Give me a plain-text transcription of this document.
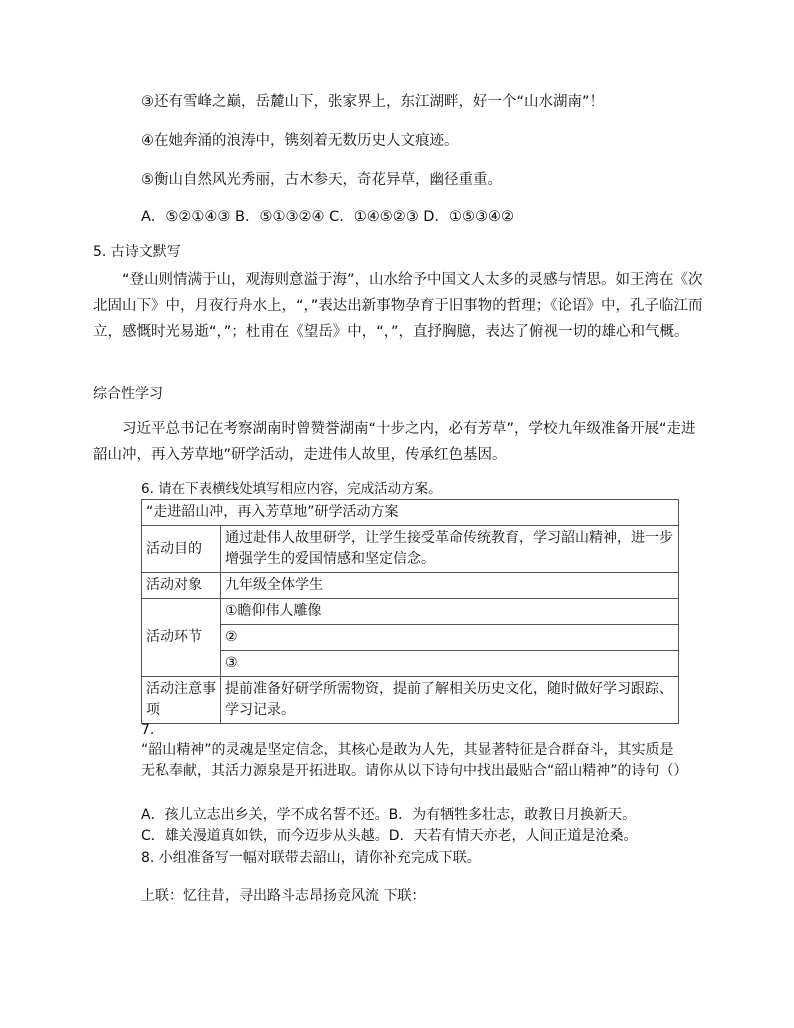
③还有雪峰之巅，岳麓山下，张家界上，东江湖畔，好一个“山水湖南”！
④在她奔涌的浪涛中，镌刻着无数历史人文痕迹。
⑤衡山自然风光秀丽，古木参天，奇花异草，幽径重重。
A．⑤②①④③ B．⑤①③②④ C．①④⑤②③ D．①⑤③④②
5. 古诗文默写
“登山则情满于山，观海则意溢于海”，山水给予中国文人太多的灵感与情思。如王湾在《次北固山下》中，月夜行舟水上，“，”表达出新事物孕育于旧事物的哲理；《论语》中，孔子临江而立，感慨时光易逝“，”；杜甫在《望岳》中，“，”，直抒胸臆，表达了俯视一切的雄心和气概。
综合性学习
习近平总书记在考察湖南时曾赞誉湖南“十步之内，必有芳草”，学校九年级准备开展“走进韶山冲，再入芳草地”研学活动，走进伟人故里，传承红色基因。
6. 请在下表横线处填写相应内容，完成活动方案。
“走进韶山冲，再入芳草地”研学活动方案	
活动目的	通过赴伟人故里研学，让学生接受革命传统教育，学习韶山精神，进一步增强学生的爱国情感和坚定信念。
活动对象	九年级全体学生
活动环节	①瞻仰伟人雕像
	②
	③
活动注意事项	提前准备好研学所需物资，提前了解相关历史文化，随时做好学习跟踪、学习记录。
7.
“韶山精神”的灵魂是坚定信念，其核心是敢为人先，其显著特征是合群奋斗，其实质是无私奉献，其活力源泉是开拓进取。请你从以下诗句中找出最贴合“韶山精神”的诗句（）
A．孩儿立志出乡关，学不成名誓不还。B．为有牺牲多壮志，敢教日月换新天。
C．雄关漫道真如铁，而今迈步从头越。D．天若有情天亦老，人间正道是沧桑。
8. 小组准备写一幅对联带去韶山，请你补充完成下联。
上联：忆往昔，寻出路斗志昂扬竞风流 下联：
